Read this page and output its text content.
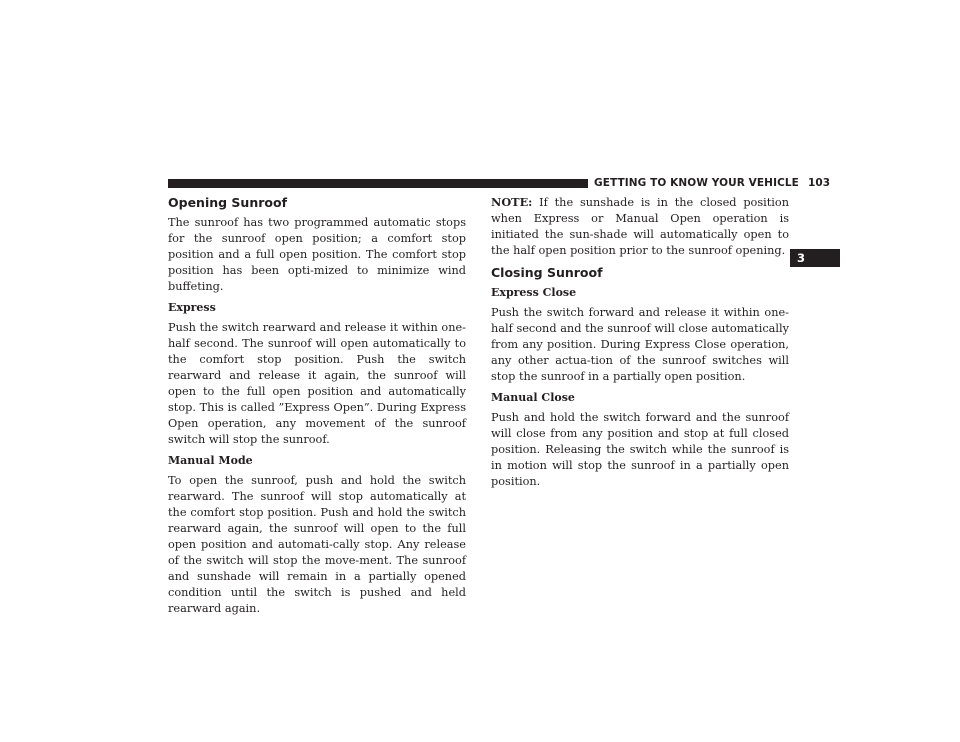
GETTING TO KNOW YOUR VEHICLE 103
3
Opening Sunroof

The sunroof has two programmed automatic stops for the sunroof open position; a comfort stop position and a full open position. The comfort stop position has been opti-mized to minimize wind buffeting.

Express

Push the switch rearward and release it within one-half second. The sunroof will open automatically to the comfort stop position. Push the switch rearward and release it again, the sunroof will open to the full open position and automatically stop. This is called ”Express Open”. During Express Open operation, any movement of the sunroof switch will stop the sunroof.

Manual Mode

To open the sunroof, push and hold the switch rearward. The sunroof will stop automatically at the comfort stop position. Push and hold the switch rearward again, the sunroof will open to the full open position and automati-cally stop. Any release of the switch will stop the move-ment. The sunroof and sunshade will remain in a partially opened condition until the switch is pushed and held rearward again.

NOTE: If the sunshade is in the closed position when Express or Manual Open operation is initiated the sun-shade will automatically open to the half open position prior to the sunroof opening.

Closing Sunroof
Express Close

Push the switch forward and release it within one-half second and the sunroof will close automatically from any position. During Express Close operation, any other actua-tion of the sunroof switches will stop the sunroof in a partially open position.

Manual Close

Push and hold the switch forward and the sunroof will close from any position and stop at full closed position. Releasing the switch while the sunroof is in motion will stop the sunroof in a partially open position.
